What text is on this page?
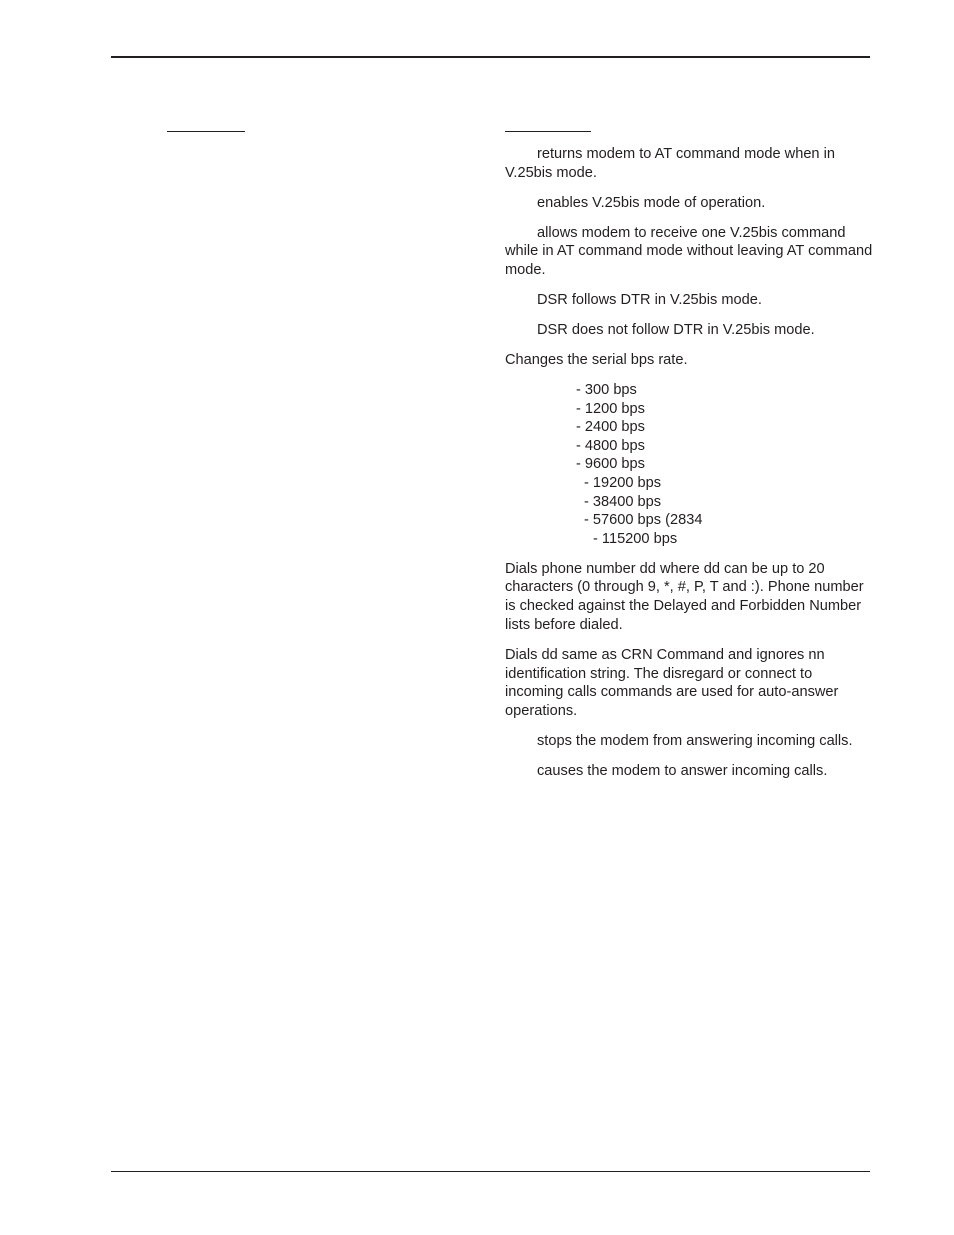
returns modem to AT command mode when in V.25bis mode.

enables V.25bis mode of operation.

allows modem to receive one V.25bis command while in AT command mode without leaving AT command mode.

DSR follows DTR in V.25bis mode.

DSR does not follow DTR in V.25bis mode.

Changes the serial bps rate.

- 300 bps
- 1200 bps
- 2400 bps
- 4800 bps
- 9600 bps
- 19200 bps
- 38400 bps
- 57600 bps (2834
- 115200 bps

Dials phone number dd where dd can be up to 20 characters (0 through 9, *, #, P, T and :). Phone number is checked against the Delayed and Forbidden Number lists before dialed.

Dials dd same as CRN Command and ignores nn identification string. The disregard or connect to incoming calls commands are used for auto-answer operations.

stops the modem from answering incoming calls.

causes the modem to answer incoming calls.
